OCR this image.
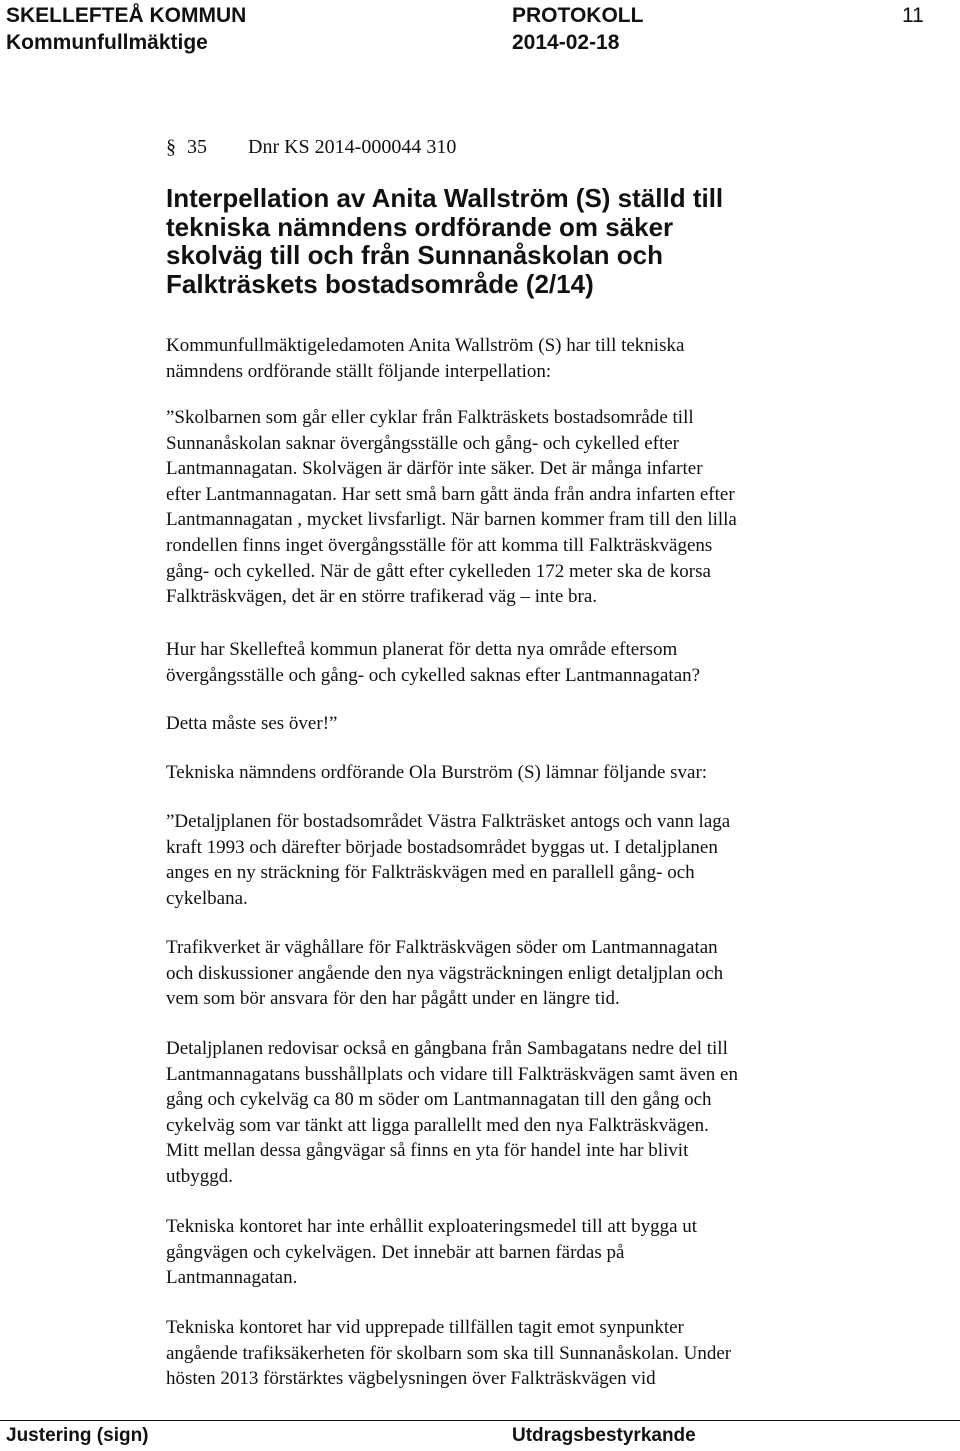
SKELLEFTEÅ KOMMUN
Kommunfullmäktige
PROTOKOLL
2014-02-18
11
§ 35 Dnr KS 2014-000044 310
Interpellation av Anita Wallström (S) ställd till
tekniska nämndens ordförande om säker
skolväg till och från Sunnanåskolan och
Falkträskets bostadsområde (2/14)
Kommunfullmäktigeledamoten Anita Wallström (S) har till tekniska
nämndens ordförande ställt följande interpellation:
”Skolbarnen som går eller cyklar från Falkträskets bostadsområde till
Sunnanåskolan saknar övergångsställe och gång- och cykelled efter
Lantmannagatan. Skolvägen är därför inte säker. Det är många infarter
efter Lantmannagatan. Har sett små barn gått ända från andra infarten efter
Lantmannagatan , mycket livsfarligt. När barnen kommer fram till den lilla
rondellen finns inget övergångsställe för att komma till Falkträskvägens
gång- och cykelled. När de gått efter cykelleden 172 meter ska de korsa
Falkträskvägen, det är en större trafikerad väg – inte bra.
Hur har Skellefteå kommun planerat för detta nya område eftersom
övergångsställe och gång- och cykelled saknas efter Lantmannagatan?
Detta måste ses över!”
Tekniska nämndens ordförande Ola Burström (S) lämnar följande svar:
”Detaljplanen för bostadsområdet Västra Falkträsket antogs och vann laga
kraft 1993 och därefter började bostadsområdet byggas ut. I detaljplanen
anges en ny sträckning för Falkträskvägen med en parallell gång- och
cykelbana.
Trafikverket är väghållare för Falkträskvägen söder om Lantmannagatan
och diskussioner angående den nya vägsträckningen enligt detaljplan och
vem som bör ansvara för den har pågått under en längre tid.
Detaljplanen redovisar också en gångbana från Sambagatans nedre del till
Lantmannagatans busshållplats och vidare till Falkträskvägen samt även en
gång och cykelväg ca 80 m söder om Lantmannagatan till den gång och
cykelväg som var tänkt att ligga parallellt med den nya Falkträskvägen.
Mitt mellan dessa gångvägar så finns en yta för handel inte har blivit
utbyggd.
Tekniska kontoret har inte erhållit exploateringsmedel till att bygga ut
gångvägen och cykelvägen. Det innebär att barnen färdas på
Lantmannagatan.
Tekniska kontoret har vid upprepade tillfällen tagit emot synpunkter
angående trafiksäkerheten för skolbarn som ska till Sunnanåskolan. Under
hösten 2013 förstärktes vägbelysningen över Falkträskvägen vid
Justering (sign)	Utdragsbestyrkande
